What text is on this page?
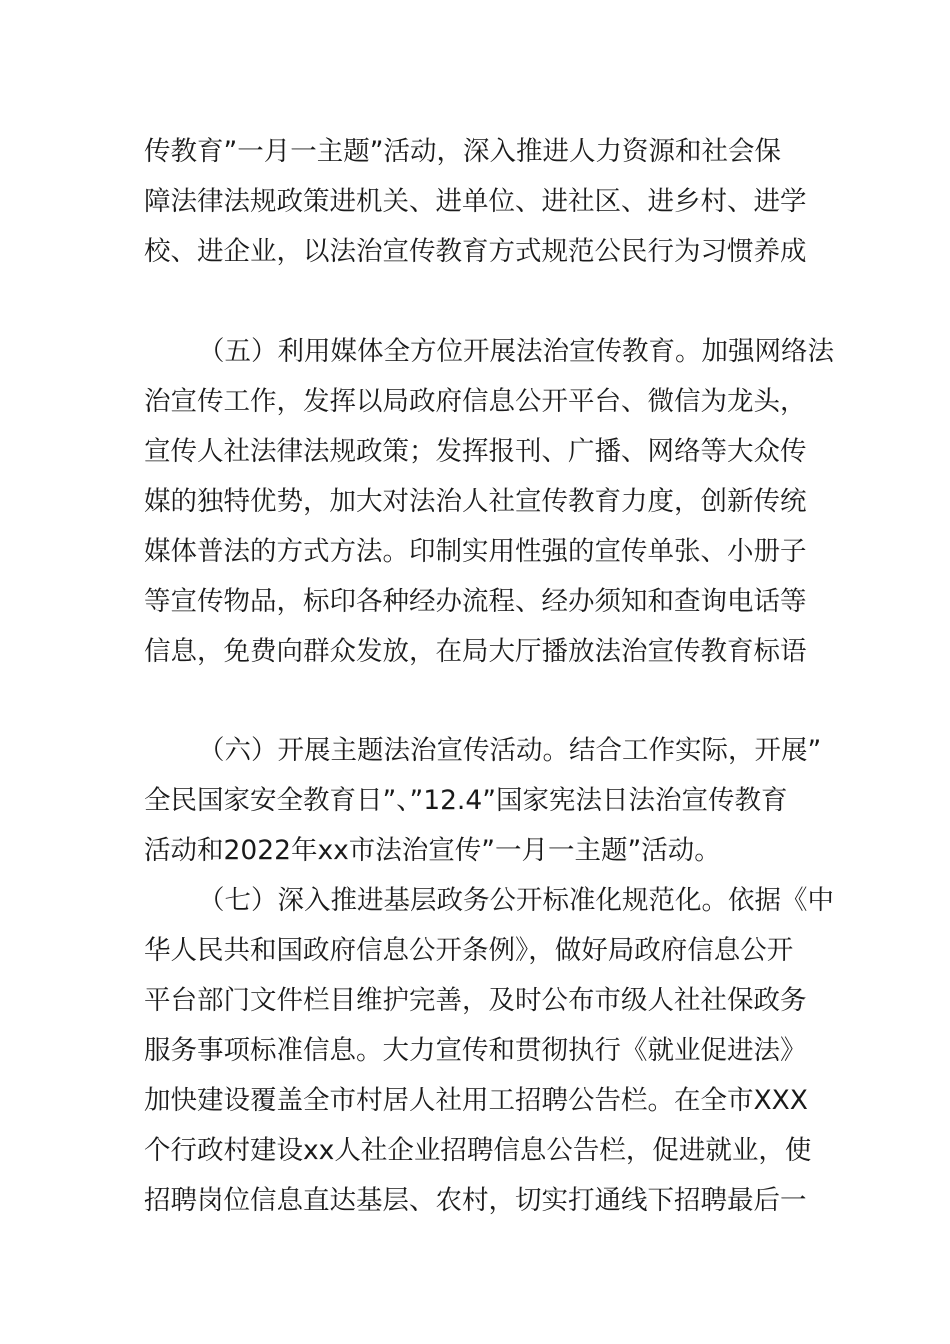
传教育”一月一主题”活动，深入推进人力资源和社会保

障法律法规政策进机关、进单位、进社区、进乡村、进学

校、进企业，以法治宣传教育方式规范公民行为习惯养成

（五）利用媒体全方位开展法治宣传教育。加强网络法

治宣传工作，发挥以局政府信息公开平台、微信为龙头，

宣传人社法律法规政策；发挥报刊、广播、网络等大众传

媒的独特优势，加大对法治人社宣传教育力度，创新传统

媒体普法的方式方法。印制实用性强的宣传单张、小册子

等宣传物品，标印各种经办流程、经办须知和查询电话等

信息，免费向群众发放，在局大厅播放法治宣传教育标语

（六）开展主题法治宣传活动。结合工作实际，开展”

全民国家安全教育日”、”12.4”国家宪法日法治宣传教育

活动和2022年xx市法治宣传”一月一主题”活动。

（七）深入推进基层政务公开标准化规范化。依据《中

华人民共和国政府信息公开条例》，做好局政府信息公开

平台部门文件栏目维护完善，及时公布市级人社社保政务

服务事项标准信息。大力宣传和贯彻执行《就业促进法》

加快建设覆盖全市村居人社用工招聘公告栏。在全市XXX

个行政村建设xx人社企业招聘信息公告栏，促进就业，使

招聘岗位信息直达基层、农村，切实打通线下招聘最后一
